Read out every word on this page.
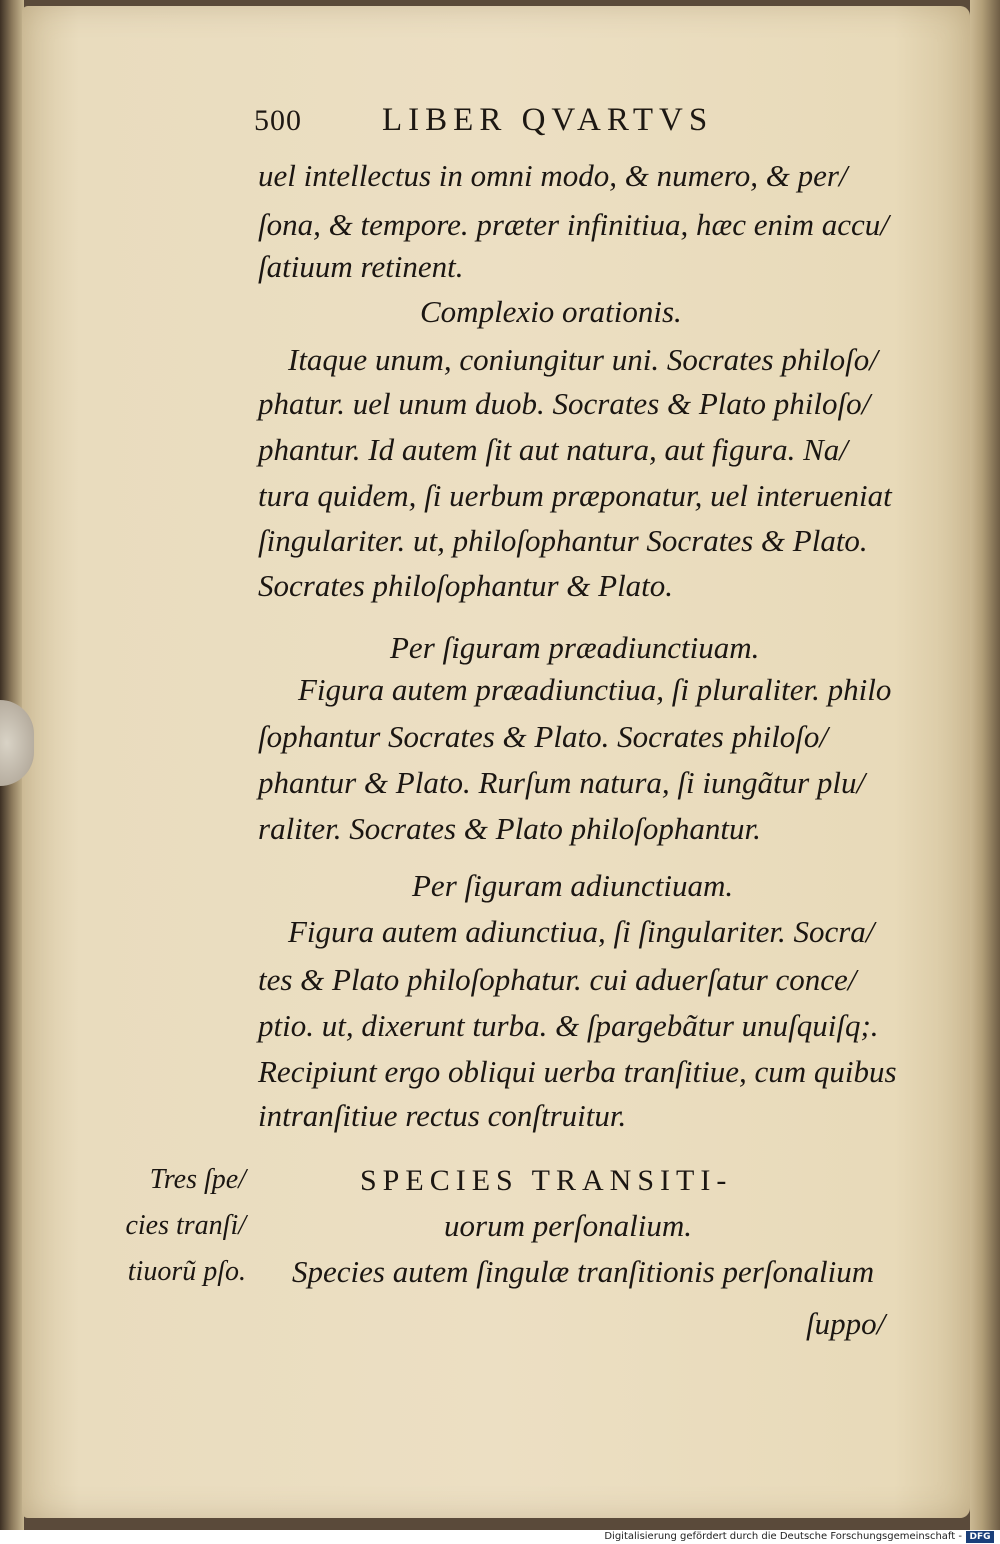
500 LIBER QVARTVS
uel intellectus in omni modo, & numero, & per/
ſona, & tempore. præter infinitiua, hæc enim accu/
ſatiuum retinent.
Complexio orationis.
Itaque unum, coniungitur uni. Socrates philoſo/
phatur. uel unum duob. Socrates & Plato philoſo/
phantur. Id autem ſit aut natura, aut figura. Na/
tura quidem, ſi uerbum præponatur, uel interueniat
ſingulariter. ut, philoſophantur Socrates & Plato.
Socrates philoſophantur & Plato.
Per ſiguram præadiunctiuam.
Figura autem præadiunctiua, ſi pluraliter. philo
ſophantur Socrates & Plato. Socrates philoſo/
phantur & Plato. Rurſum natura, ſi iungãtur plu/
raliter. Socrates & Plato philoſophantur.
Per ſiguram adiunctiuam.
Figura autem adiunctiua, ſi ſingulariter. Socra/
tes & Plato philoſophatur. cui aduerſatur conce/
ptio. ut, dixerunt turba. & ſpargebãtur unuſquiſq;.
Recipiunt ergo obliqui uerba tranſitiue, cum quibus
intranſitiue rectus conſtruitur.
SPECIES TRANSITI-
uorum perſonalium.
Species autem ſingulæ tranſitionis perſonalium
ſuppo/
Tres ſpe/
cies tranſi/
tiuorũ pſo.
Digitalisierung gefördert durch die Deutsche Forschungsgemeinschaft - DFG
